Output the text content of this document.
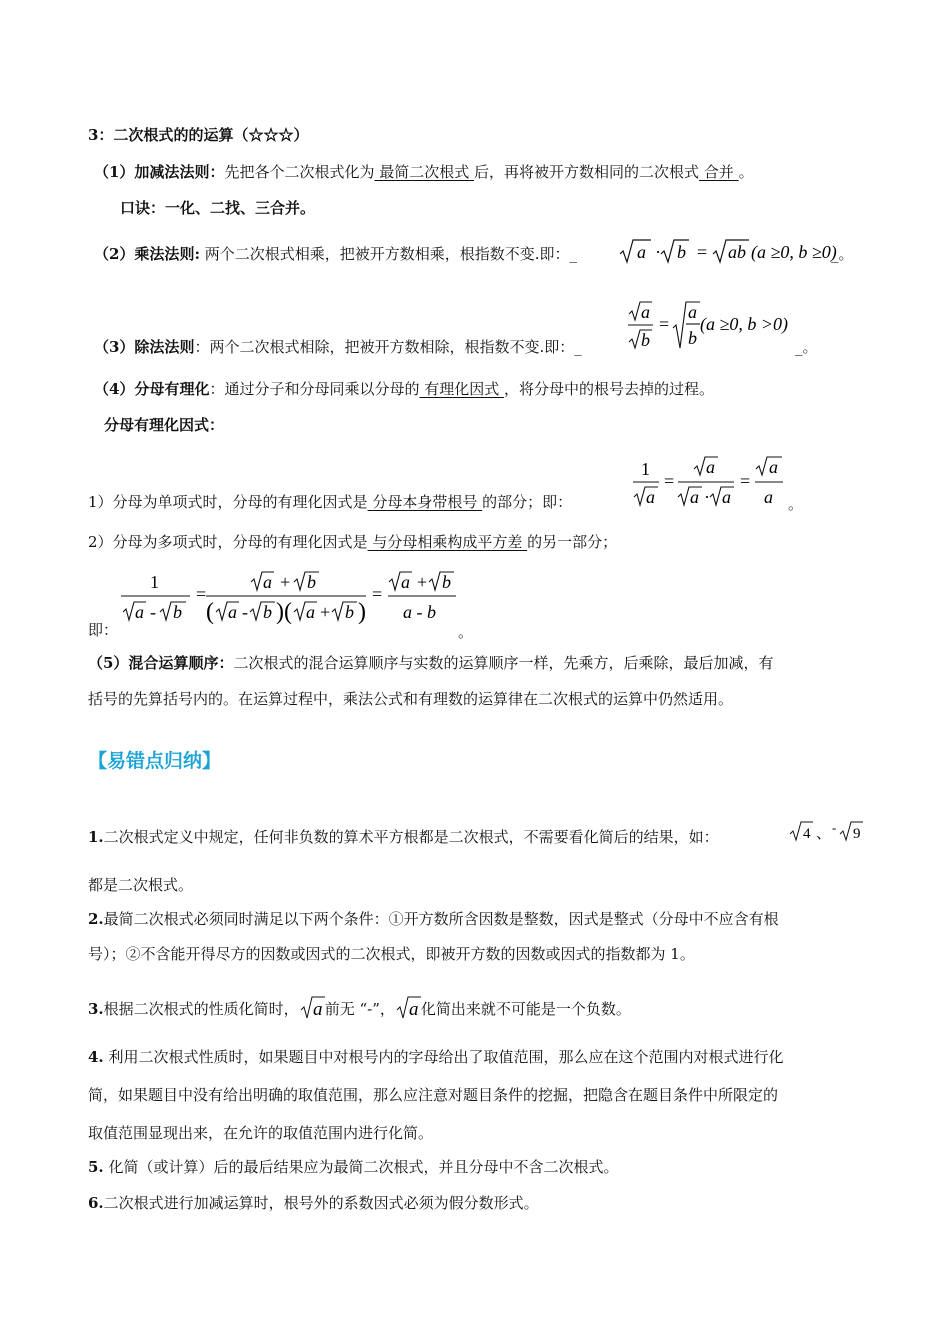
3：二次根式的的运算（☆☆☆）
（1）加减法法则：先把各个二次根式化为 最简二次根式 后，再将被开方数相同的二次根式 合并 。
口诀：一化、二找、三合并。
（2）乘法法则: 两个二次根式相乘，把被开方数相乘，根指数不变.即：_	a · b = ab (a ≥0, b ≥0)
_。
（3）除法法则：两个二次根式相除，把被开方数相除，根指数不变.即：_
a
b
=
a
b
(a ≥0, b >0)
_。
（4）分母有理化：通过分子和分母同乘以分母的 有理化因式 ，将分母中的根号去掉的过程。
分母有理化因式：
1）分母为单项式时，分母的有理化因式是 分母本身带根号 的部分；即：
1
a
=
a
a · a
=
a
a 。
2）分母为多项式时，分母的有理化因式是 与分母相乘构成平方差 的另一部分；
即：
1
a - b
=
a + b
( a - b ) ( a + b )
=
a + b
a - b
。
（5）混合运算顺序：二次根式的混合运算顺序与实数的运算顺序一样，先乘方，后乘除，最后加减，有
括号的先算括号内的。在运算过程中，乘法公式和有理数的运算律在二次根式的运算中仍然适用。
【易错点归纳】
1.二次根式定义中规定，任何非负数的算术平方根都是二次根式，不需要看化简后的结果，如：	4 、 - 9
都是二次根式。
2.最简二次根式必须同时满足以下两个条件：①开方数所含因数是整数，因式是整式（分母中不应含有根
号）；②不含能开得尽方的因数或因式的二次根式，即被开方数的因数或因式的指数都为 1。
3.根据二次根式的性质化简时， a 前无 “-”， a 化简出来就不可能是一个负数。
4. 利用二次根式性质时，如果题目中对根号内的字母给出了取值范围，那么应在这个范围内对根式进行化
简，如果题目中没有给出明确的取值范围，那么应注意对题目条件的挖掘，把隐含在题目条件中所限定的
取值范围显现出来，在允许的取值范围内进行化简。
5. 化简（或计算）后的最后结果应为最简二次根式，并且分母中不含二次根式。
6.二次根式进行加减运算时，根号外的系数因式必须为假分数形式。
